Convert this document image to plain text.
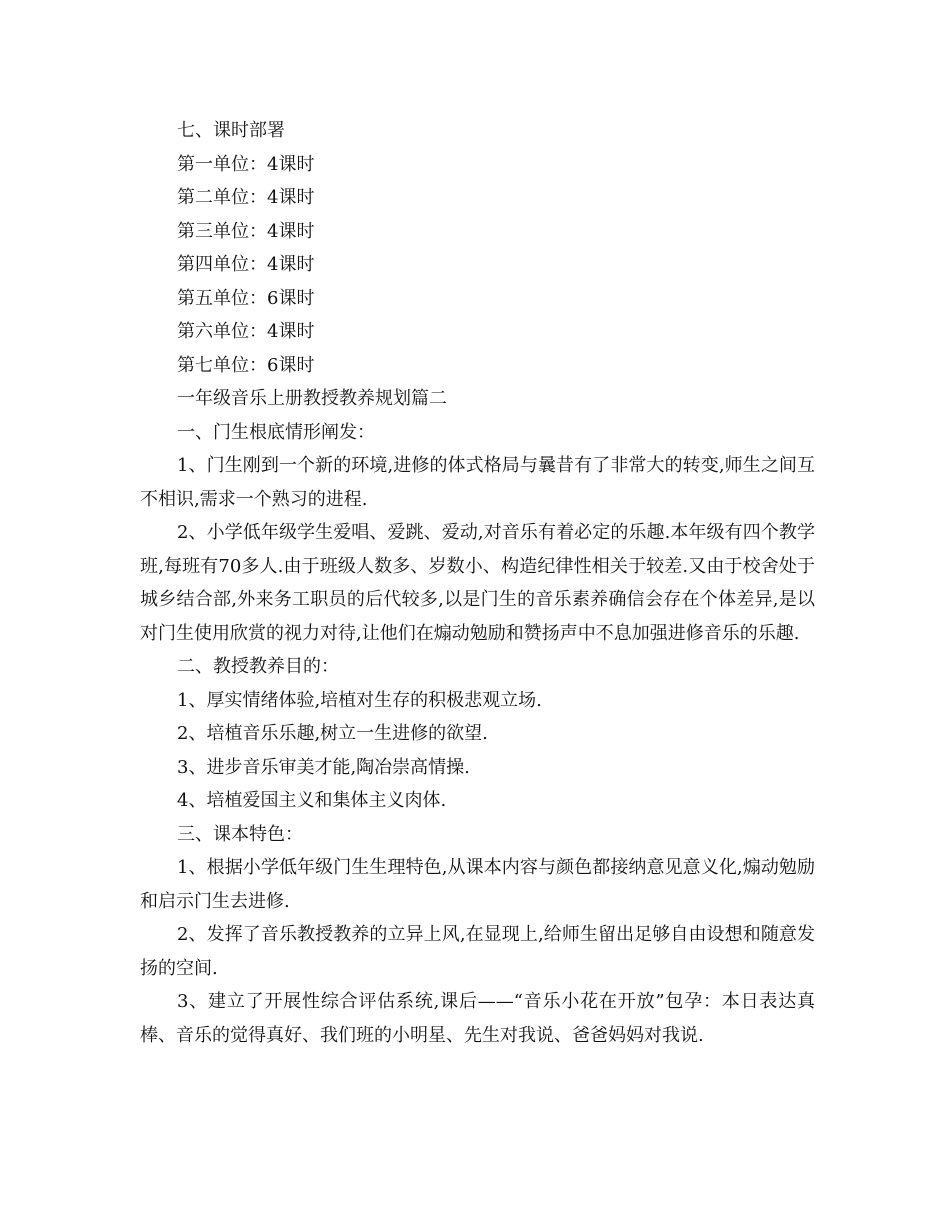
七、课时部署

第一单位：4课时

第二单位：4课时

第三单位：4课时

第四单位：4课时

第五单位：6课时

第六单位：4课时

第七单位：6课时

一年级音乐上册教授教养规划篇二

一、门生根底情形阐发：

1、门生刚到一个新的环境,进修的体式格局与曩昔有了非常大的转变,师生之间互不相识,需求一个熟习的进程.

2、小学低年级学生爱唱、爱跳、爱动,对音乐有着必定的乐趣.本年级有四个教学班,每班有70多人.由于班级人数多、岁数小、构造纪律性相关于较差.又由于校舍处于城乡结合部,外来务工职员的后代较多,以是门生的音乐素养确信会存在个体差异,是以对门生使用欣赏的视力对待,让他们在煽动勉励和赞扬声中不息加强进修音乐的乐趣.

二、教授教养目的：

1、厚实情绪体验,培植对生存的积极悲观立场.

2、培植音乐乐趣,树立一生进修的欲望.

3、进步音乐审美才能,陶冶崇高情操.

4、培植爱国主义和集体主义肉体.

三、课本特色：

1、根据小学低年级门生生理特色,从课本内容与颜色都接纳意见意义化,煽动勉励和启示门生去进修.

2、发挥了音乐教授教养的立异上风,在显现上,给师生留出足够自由设想和随意发扬的空间.

3、建立了开展性综合评估系统,课后——“音乐小花在开放”包孕：本日表达真棒、音乐的觉得真好、我们班的小明星、先生对我说、爸爸妈妈对我说.
